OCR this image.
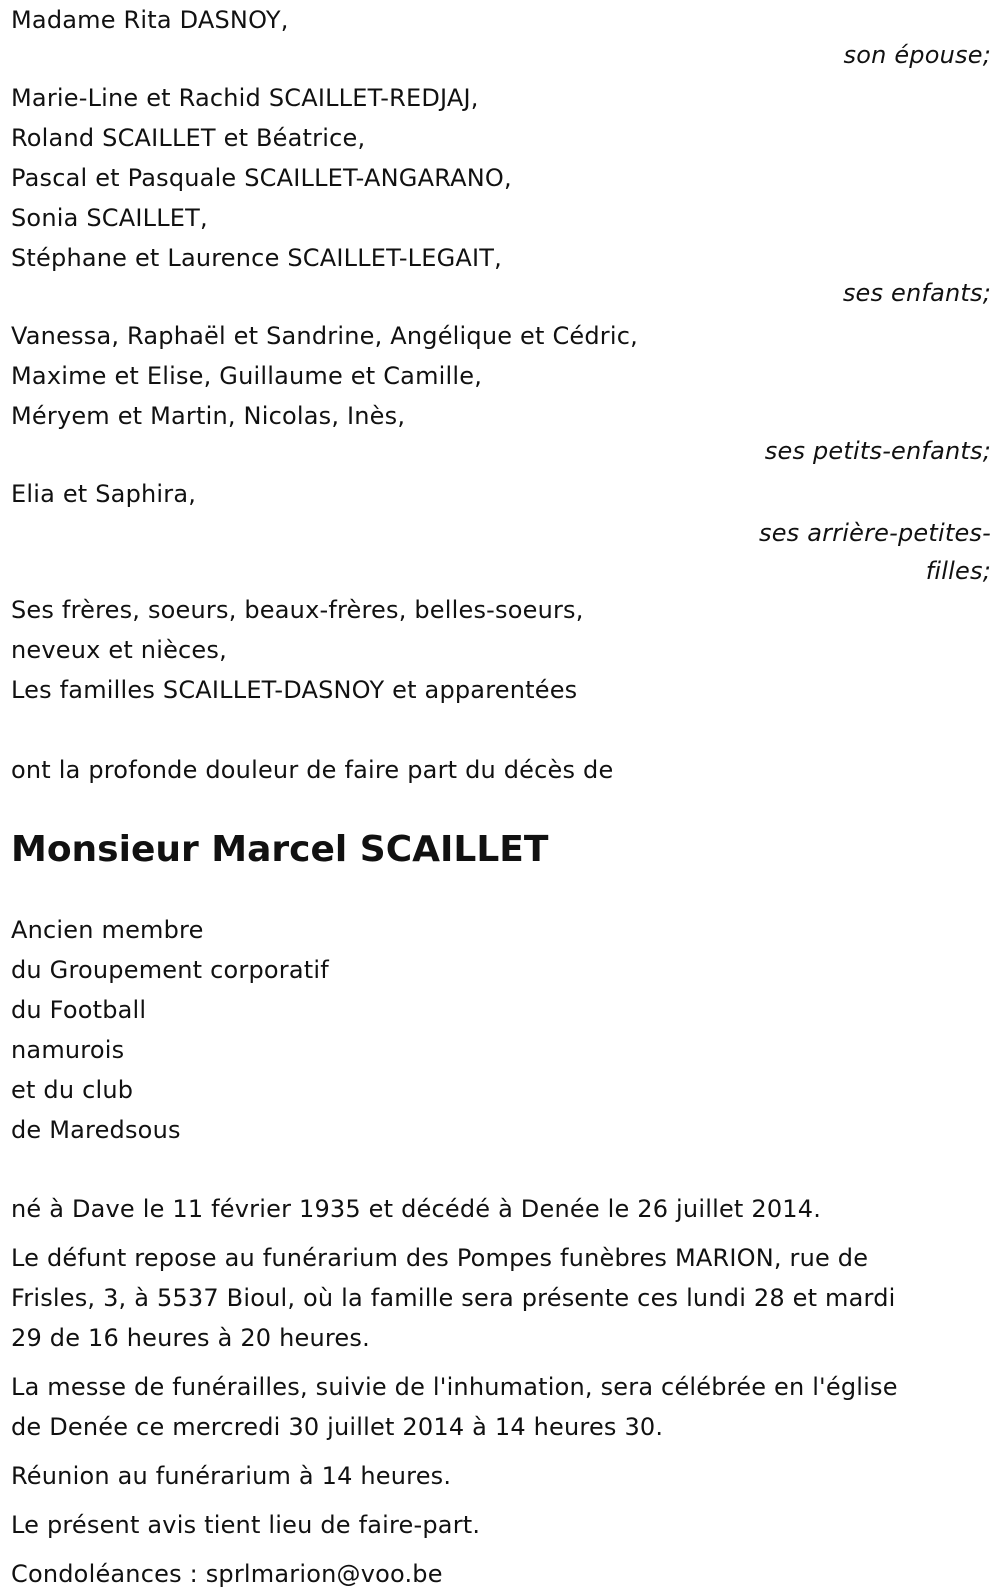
Madame Rita DASNOY,
son épouse;
Marie-Line et Rachid SCAILLET-REDJAJ,
Roland SCAILLET et Béatrice,
Pascal et Pasquale SCAILLET-ANGARANO,
Sonia SCAILLET,
Stéphane et Laurence SCAILLET-LEGAIT,
ses enfants;
Vanessa, Raphaël et Sandrine, Angélique et Cédric,
Maxime et Elise, Guillaume et Camille,
Méryem et Martin, Nicolas, Inès,
ses petits-enfants;
Elia et Saphira,
ses arrière-petites-
filles;
Ses frères, soeurs, beaux-frères, belles-soeurs,
neveux et nièces,
Les familles SCAILLET-DASNOY et apparentées
ont la profonde douleur de faire part du décès de
Monsieur Marcel SCAILLET
Ancien membre
du Groupement corporatif
du Football
namurois
et du club
de Maredsous
né à Dave le 11 février 1935 et décédé à Denée le 26 juillet 2014.
Le défunt repose au funérarium des Pompes funèbres MARION, rue de
Frisles, 3, à 5537 Bioul, où la famille sera présente ces lundi 28 et mardi
29 de 16 heures à 20 heures.
La messe de funérailles, suivie de l'inhumation, sera célébrée en l'église
de Denée ce mercredi 30 juillet 2014 à 14 heures 30.
Réunion au funérarium à 14 heures.
Le présent avis tient lieu de faire-part.
Condoléances : sprlmarion@voo.be
